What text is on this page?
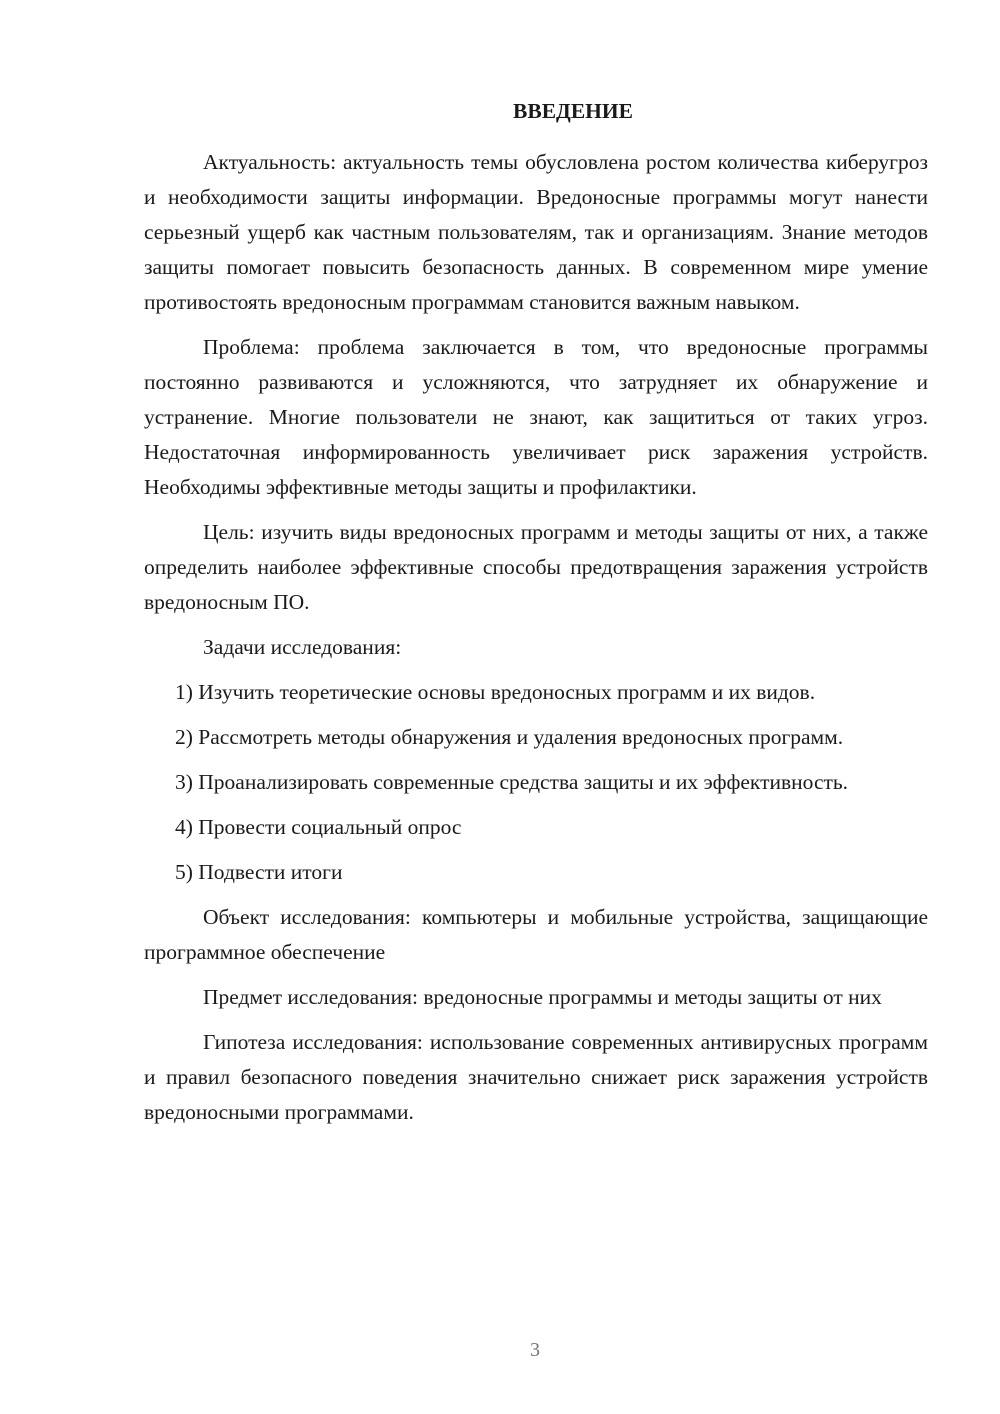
ВВЕДЕНИЕ

Актуальность: актуальность темы обусловлена ростом количества киберугроз и необходимости защиты информации. Вредоносные программы могут нанести серьезный ущерб как частным пользователям, так и организациям. Знание методов защиты помогает повысить безопасность данных. В современном мире умение противостоять вредоносным программам становится важным навыком.

Проблема: проблема заключается в том, что вредоносные программы постоянно развиваются и усложняются, что затрудняет их обнаружение и устранение. Многие пользователи не знают, как защититься от таких угроз. Недостаточная информированность увеличивает риск заражения устройств. Необходимы эффективные методы защиты и профилактики.

Цель: изучить виды вредоносных программ и методы защиты от них, а также определить наиболее эффективные способы предотвращения заражения устройств вредоносным ПО.

Задачи исследования:

1) Изучить теоретические основы вредоносных программ и их видов.

2) Рассмотреть методы обнаружения и удаления вредоносных программ.

3) Проанализировать современные средства защиты и их эффективность.

4) Провести социальный опрос

5) Подвести итоги

Объект исследования: компьютеры и мобильные устройства, защищающие программное обеспечение

Предмет исследования: вредоносные программы и методы защиты от них

Гипотеза исследования: использование современных антивирусных программ и правил безопасного поведения значительно снижает риск заражения устройств вредоносными программами.

3
